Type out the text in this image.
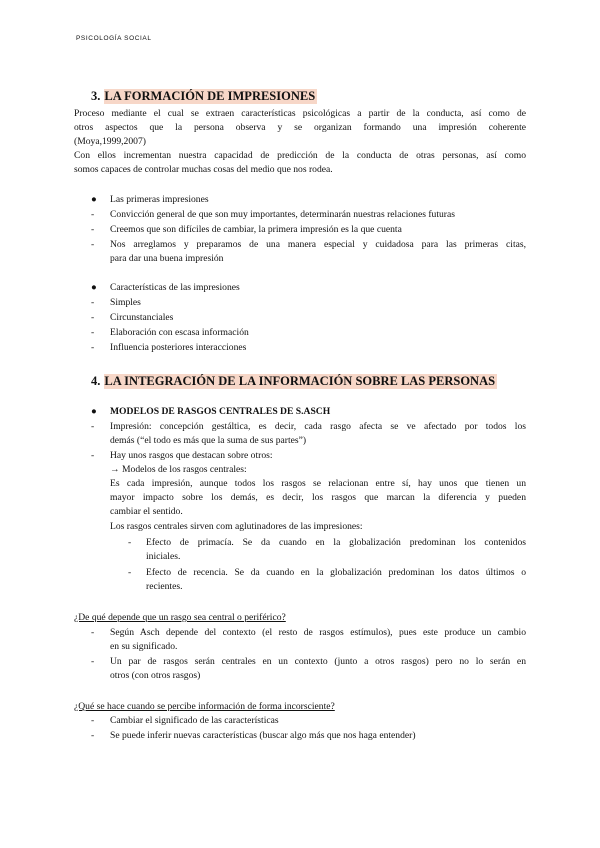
PSICOLOGÍA SOCIAL
3. LA FORMACIÓN DE IMPRESIONES
Proceso mediante el cual se extraen características psicológicas a partir de la conducta, así como de
otros aspectos que la persona observa y se organizan formando una impresión coherente
(Moya,1999,2007)
Con ellos incrementan nuestra capacidad de predicción de la conducta de otras personas, así como
somos capaces de controlar muchas cosas del medio que nos rodea.
● Las primeras impresiones
- Convicción general de que son muy importantes, determinarán nuestras relaciones futuras
- Creemos que son difíciles de cambiar, la primera impresión es la que cuenta
- Nos arreglamos y preparamos de una manera especial y cuidadosa para las primeras citas,
para dar una buena impresión
● Características de las impresiones
- Simples
- Circunstanciales
- Elaboración con escasa información
- Influencia posteriores interacciones
4. LA INTEGRACIÓN DE LA INFORMACIÓN SOBRE LAS PERSONAS
● MODELOS DE RASGOS CENTRALES DE S.ASCH
- Impresión: concepción gestáltica, es decir, cada rasgo afecta se ve afectado por todos los
demás (“el todo es más que la suma de sus partes”)
- Hay unos rasgos que destacan sobre otros:
→ Modelos de los rasgos centrales:
Es cada impresión, aunque todos los rasgos se relacionan entre sí, hay unos que tienen un
mayor impacto sobre los demás, es decir, los rasgos que marcan la diferencia y pueden
cambiar el sentido.
Los rasgos centrales sirven com aglutinadores de las impresiones:
- Efecto de primacía. Se da cuando en la globalización predominan los contenidos
iniciales.
- Efecto de recencia. Se da cuando en la globalización predominan los datos últimos o
recientes.
¿De qué depende que un rasgo sea central o periférico?
- Según Asch depende del contexto (el resto de rasgos estímulos), pues este produce un cambio
en su significado.
- Un par de rasgos serán centrales en un contexto (junto a otros rasgos) pero no lo serán en
otros (con otros rasgos)
¿Qué se hace cuando se percibe información de forma incorsciente?
- Cambiar el significado de las características
- Se puede inferir nuevas características (buscar algo más que nos haga entender)
